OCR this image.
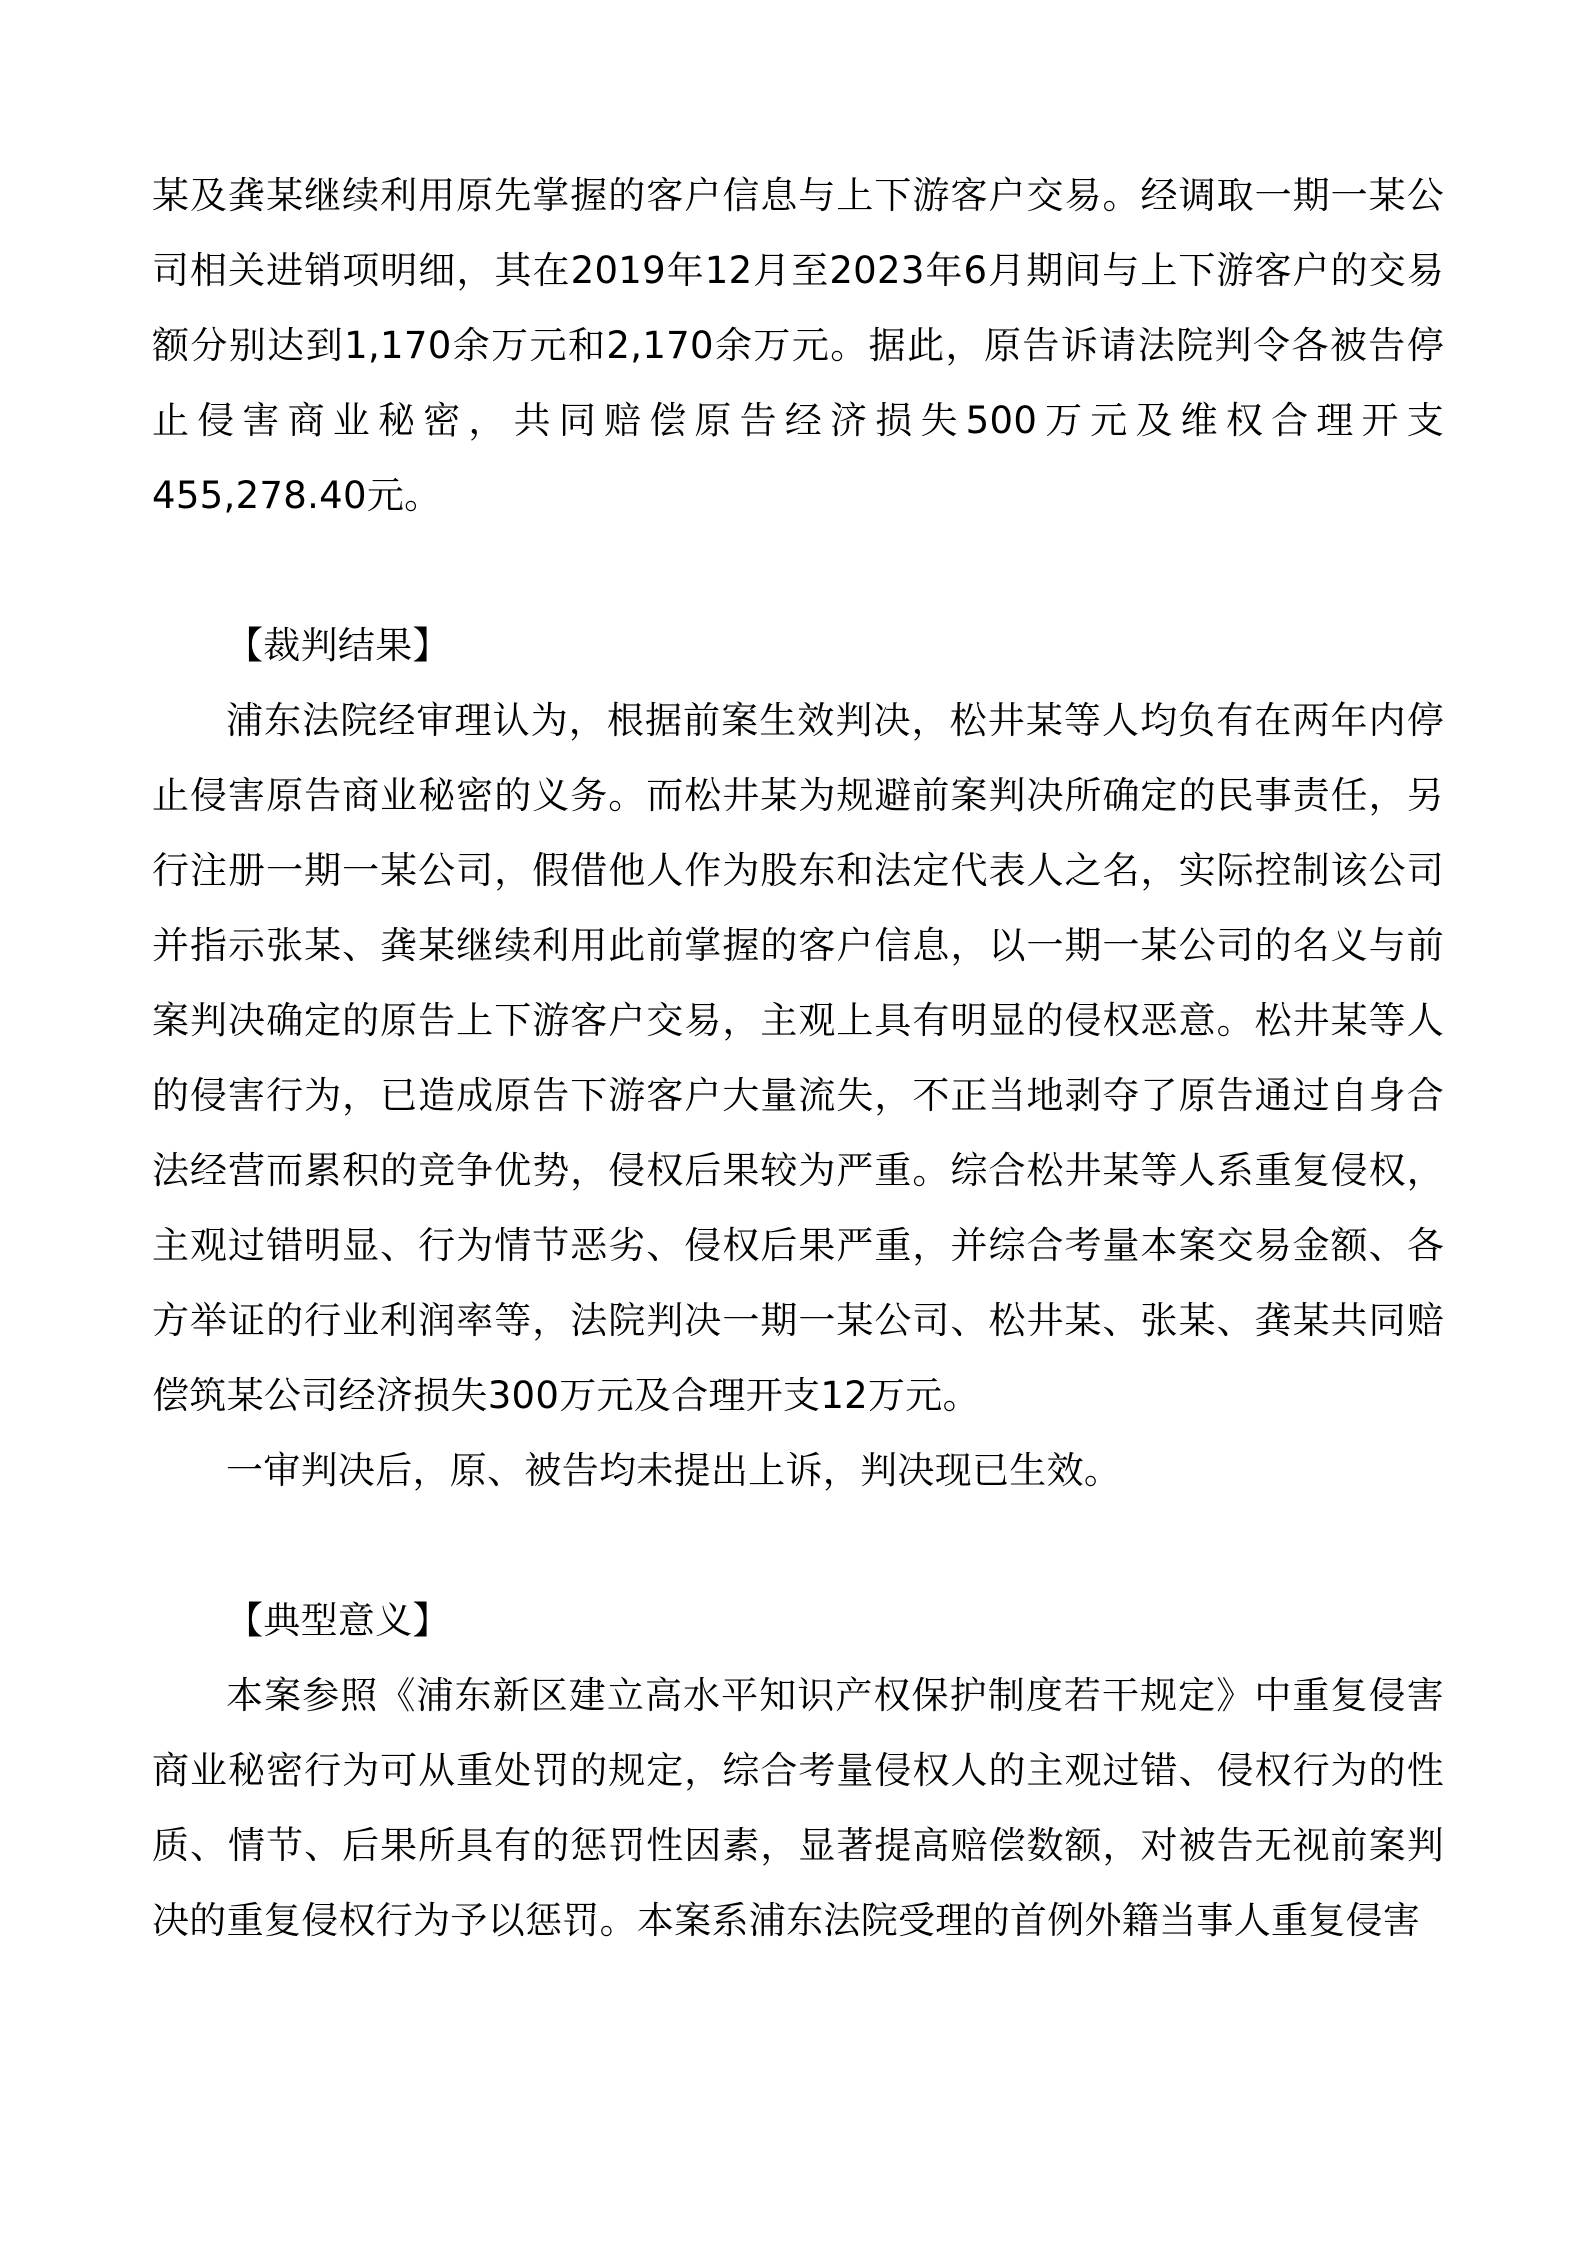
某及龚某继续利用原先掌握的客户信息与上下游客户交易。经调取一期一某公司相关进销项明细，其在2019年12月至2023年6月期间与上下游客户的交易额分别达到1,170余万元和2,170余万元。据此，原告诉请法院判令各被告停止侵害商业秘密，共同赔偿原告经济损失500万元及维权合理开支455,278.40元。

【裁判结果】

浦东法院经审理认为，根据前案生效判决，松井某等人均负有在两年内停止侵害原告商业秘密的义务。而松井某为规避前案判决所确定的民事责任，另行注册一期一某公司，假借他人作为股东和法定代表人之名，实际控制该公司并指示张某、龚某继续利用此前掌握的客户信息，以一期一某公司的名义与前案判决确定的原告上下游客户交易，主观上具有明显的侵权恶意。松井某等人的侵害行为，已造成原告下游客户大量流失，不正当地剥夺了原告通过自身合法经营而累积的竞争优势，侵权后果较为严重。综合松井某等人系重复侵权，主观过错明显、行为情节恶劣、侵权后果严重，并综合考量本案交易金额、各方举证的行业利润率等，法院判决一期一某公司、松井某、张某、龚某共同赔偿筑某公司经济损失300万元及合理开支12万元。

一审判决后，原、被告均未提出上诉，判决现已生效。

【典型意义】

本案参照《浦东新区建立高水平知识产权保护制度若干规定》中重复侵害商业秘密行为可从重处罚的规定，综合考量侵权人的主观过错、侵权行为的性质、情节、后果所具有的惩罚性因素，显著提高赔偿数额，对被告无视前案判决的重复侵权行为予以惩罚。本案系浦东法院受理的首例外籍当事人重复侵害
